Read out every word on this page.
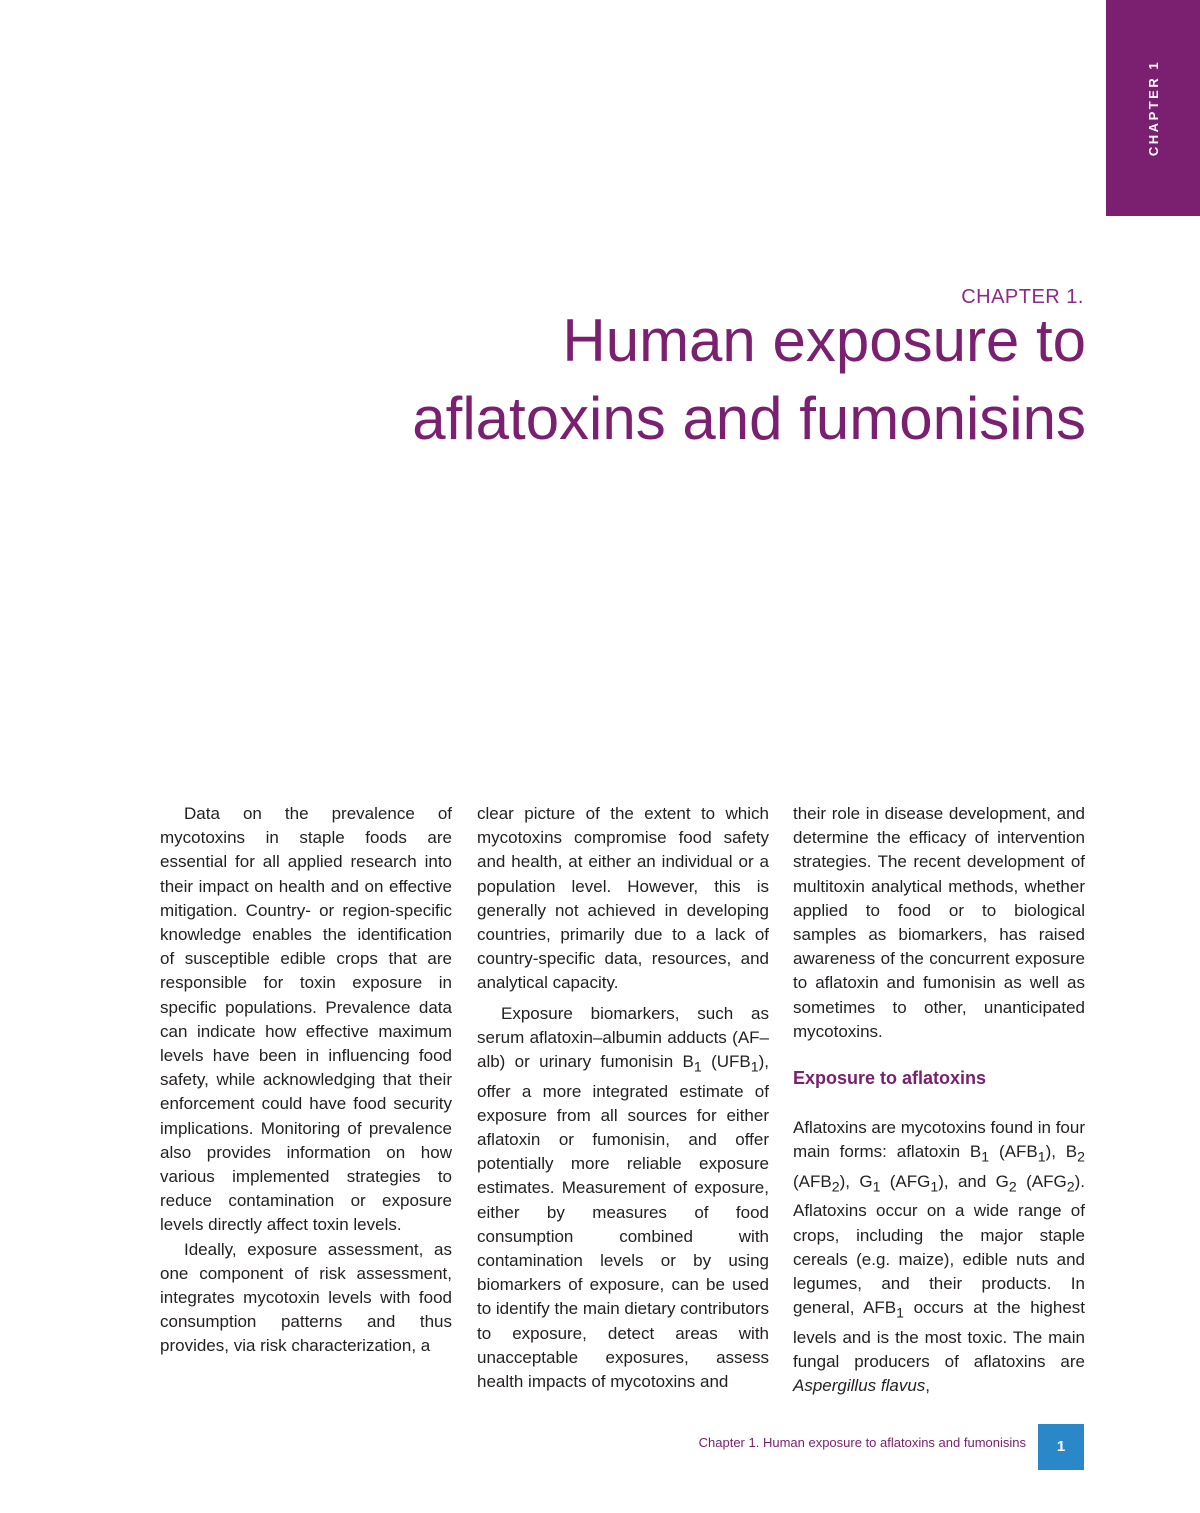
CHAPTER 1
CHAPTER 1.
Human exposure to
aflatoxins and fumonisins

Data on the prevalence of mycotoxins in staple foods are essential for all applied research into their impact on health and on effective mitigation. Country- or region-specific knowledge enables the identification of susceptible edible crops that are responsible for toxin exposure in specific populations. Prevalence data can indicate how effective maximum levels have been in influencing food safety, while acknowledging that their enforcement could have food security implications. Monitoring of prevalence also provides information on how various implemented strategies to reduce contamination or exposure levels directly affect toxin levels.

Ideally, exposure assessment, as one component of risk assessment, integrates mycotoxin levels with food consumption patterns and thus provides, via risk characterization, a

clear picture of the extent to which mycotoxins compromise food safety and health, at either an individual or a population level. However, this is generally not achieved in developing countries, primarily due to a lack of country-specific data, resources, and analytical capacity.

Exposure biomarkers, such as serum aflatoxin–albumin adducts (AF–alb) or urinary fumonisin $B_1$ $(UFB_1)$, offer a more integrated estimate of exposure from all sources for either aflatoxin or fumonisin, and offer potentially more reliable exposure estimates. Measurement of exposure, either by measures of food consumption combined with contamination levels or by using biomarkers of exposure, can be used to identify the main dietary contributors to exposure, detect areas with unacceptable exposures, assess health impacts of mycotoxins and

their role in disease development, and determine the efficacy of intervention strategies. The recent development of multitoxin analytical methods, whether applied to food or to biological samples as biomarkers, has raised awareness of the concurrent exposure to aflatoxin and fumonisin as well as sometimes to other, unanticipated mycotoxins.

Exposure to aflatoxins

Aflatoxins are mycotoxins found in four main forms: aflatoxin $B_1$ $(AFB_1)$, $B_2$ $(AFB_2)$, $G_1$ $(AFG_1)$, and $G_2$ $(AFG_2)$. Aflatoxins occur on a wide range of crops, including the major staple cereals (e.g. maize), edible nuts and legumes, and their products. In general, $AFB_1$ occurs at the highest levels and is the most toxic. The main fungal producers of aflatoxins are Aspergillus flavus,

Chapter 1. Human exposure to aflatoxins and fumonisins	1
